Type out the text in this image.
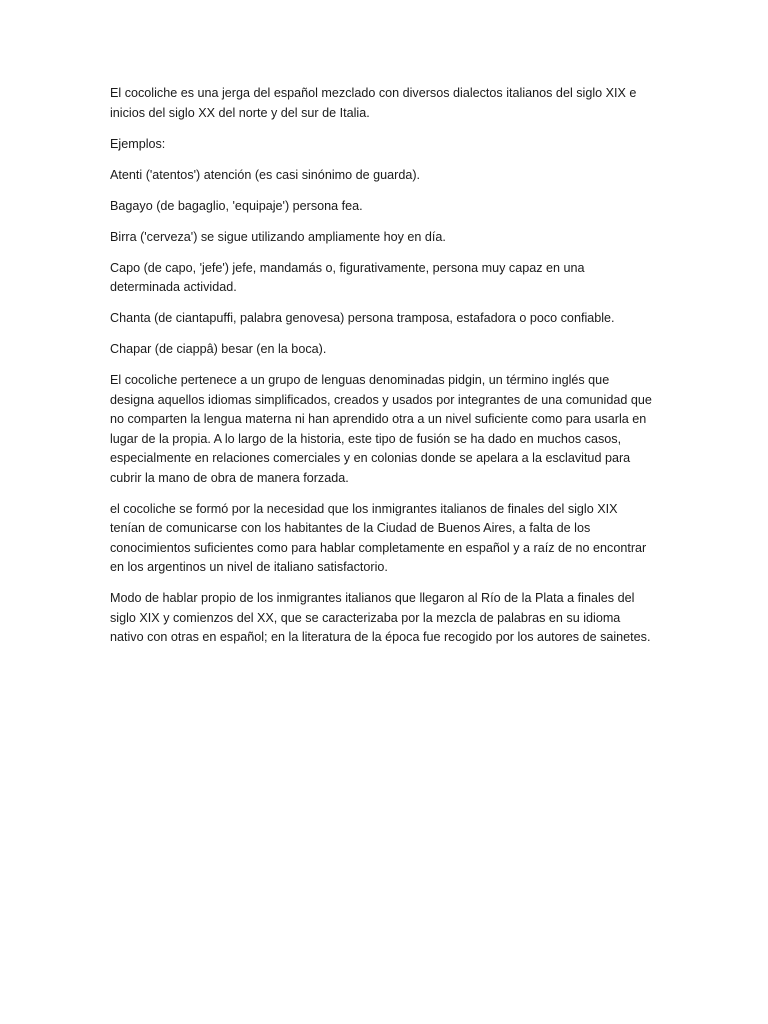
El cocoliche es una jerga del español mezclado con diversos dialectos italianos del siglo XIX e inicios del siglo XX del norte y del sur de Italia.

Ejemplos:

Atenti ('atentos') atención (es casi sinónimo de guarda).

Bagayo (de bagaglio, 'equipaje') persona fea.

Birra ('cerveza') se sigue utilizando ampliamente hoy en día.

Capo (de capo, 'jefe') jefe, mandamás o, figurativamente, persona muy capaz en una determinada actividad.

Chanta (de ciantapuffi, palabra genovesa) persona tramposa, estafadora o poco confiable.

Chapar (de ciappâ) besar (en la boca).

El cocoliche pertenece a un grupo de lenguas denominadas pidgin, un término inglés que designa aquellos idiomas simplificados, creados y usados por integrantes de una comunidad que no comparten la lengua materna ni han aprendido otra a un nivel suficiente como para usarla en lugar de la propia. A lo largo de la historia, este tipo de fusión se ha dado en muchos casos, especialmente en relaciones comerciales y en colonias donde se apelara a la esclavitud para cubrir la mano de obra de manera forzada.

el cocoliche se formó por la necesidad que los inmigrantes italianos de finales del siglo XIX tenían de comunicarse con los habitantes de la Ciudad de Buenos Aires, a falta de los conocimientos suficientes como para hablar completamente en español y a raíz de no encontrar en los argentinos un nivel de italiano satisfactorio.

Modo de hablar propio de los inmigrantes italianos que llegaron al Río de la Plata a finales del siglo XIX y comienzos del XX, que se caracterizaba por la mezcla de palabras en su idioma nativo con otras en español; en la literatura de la época fue recogido por los autores de sainetes.
